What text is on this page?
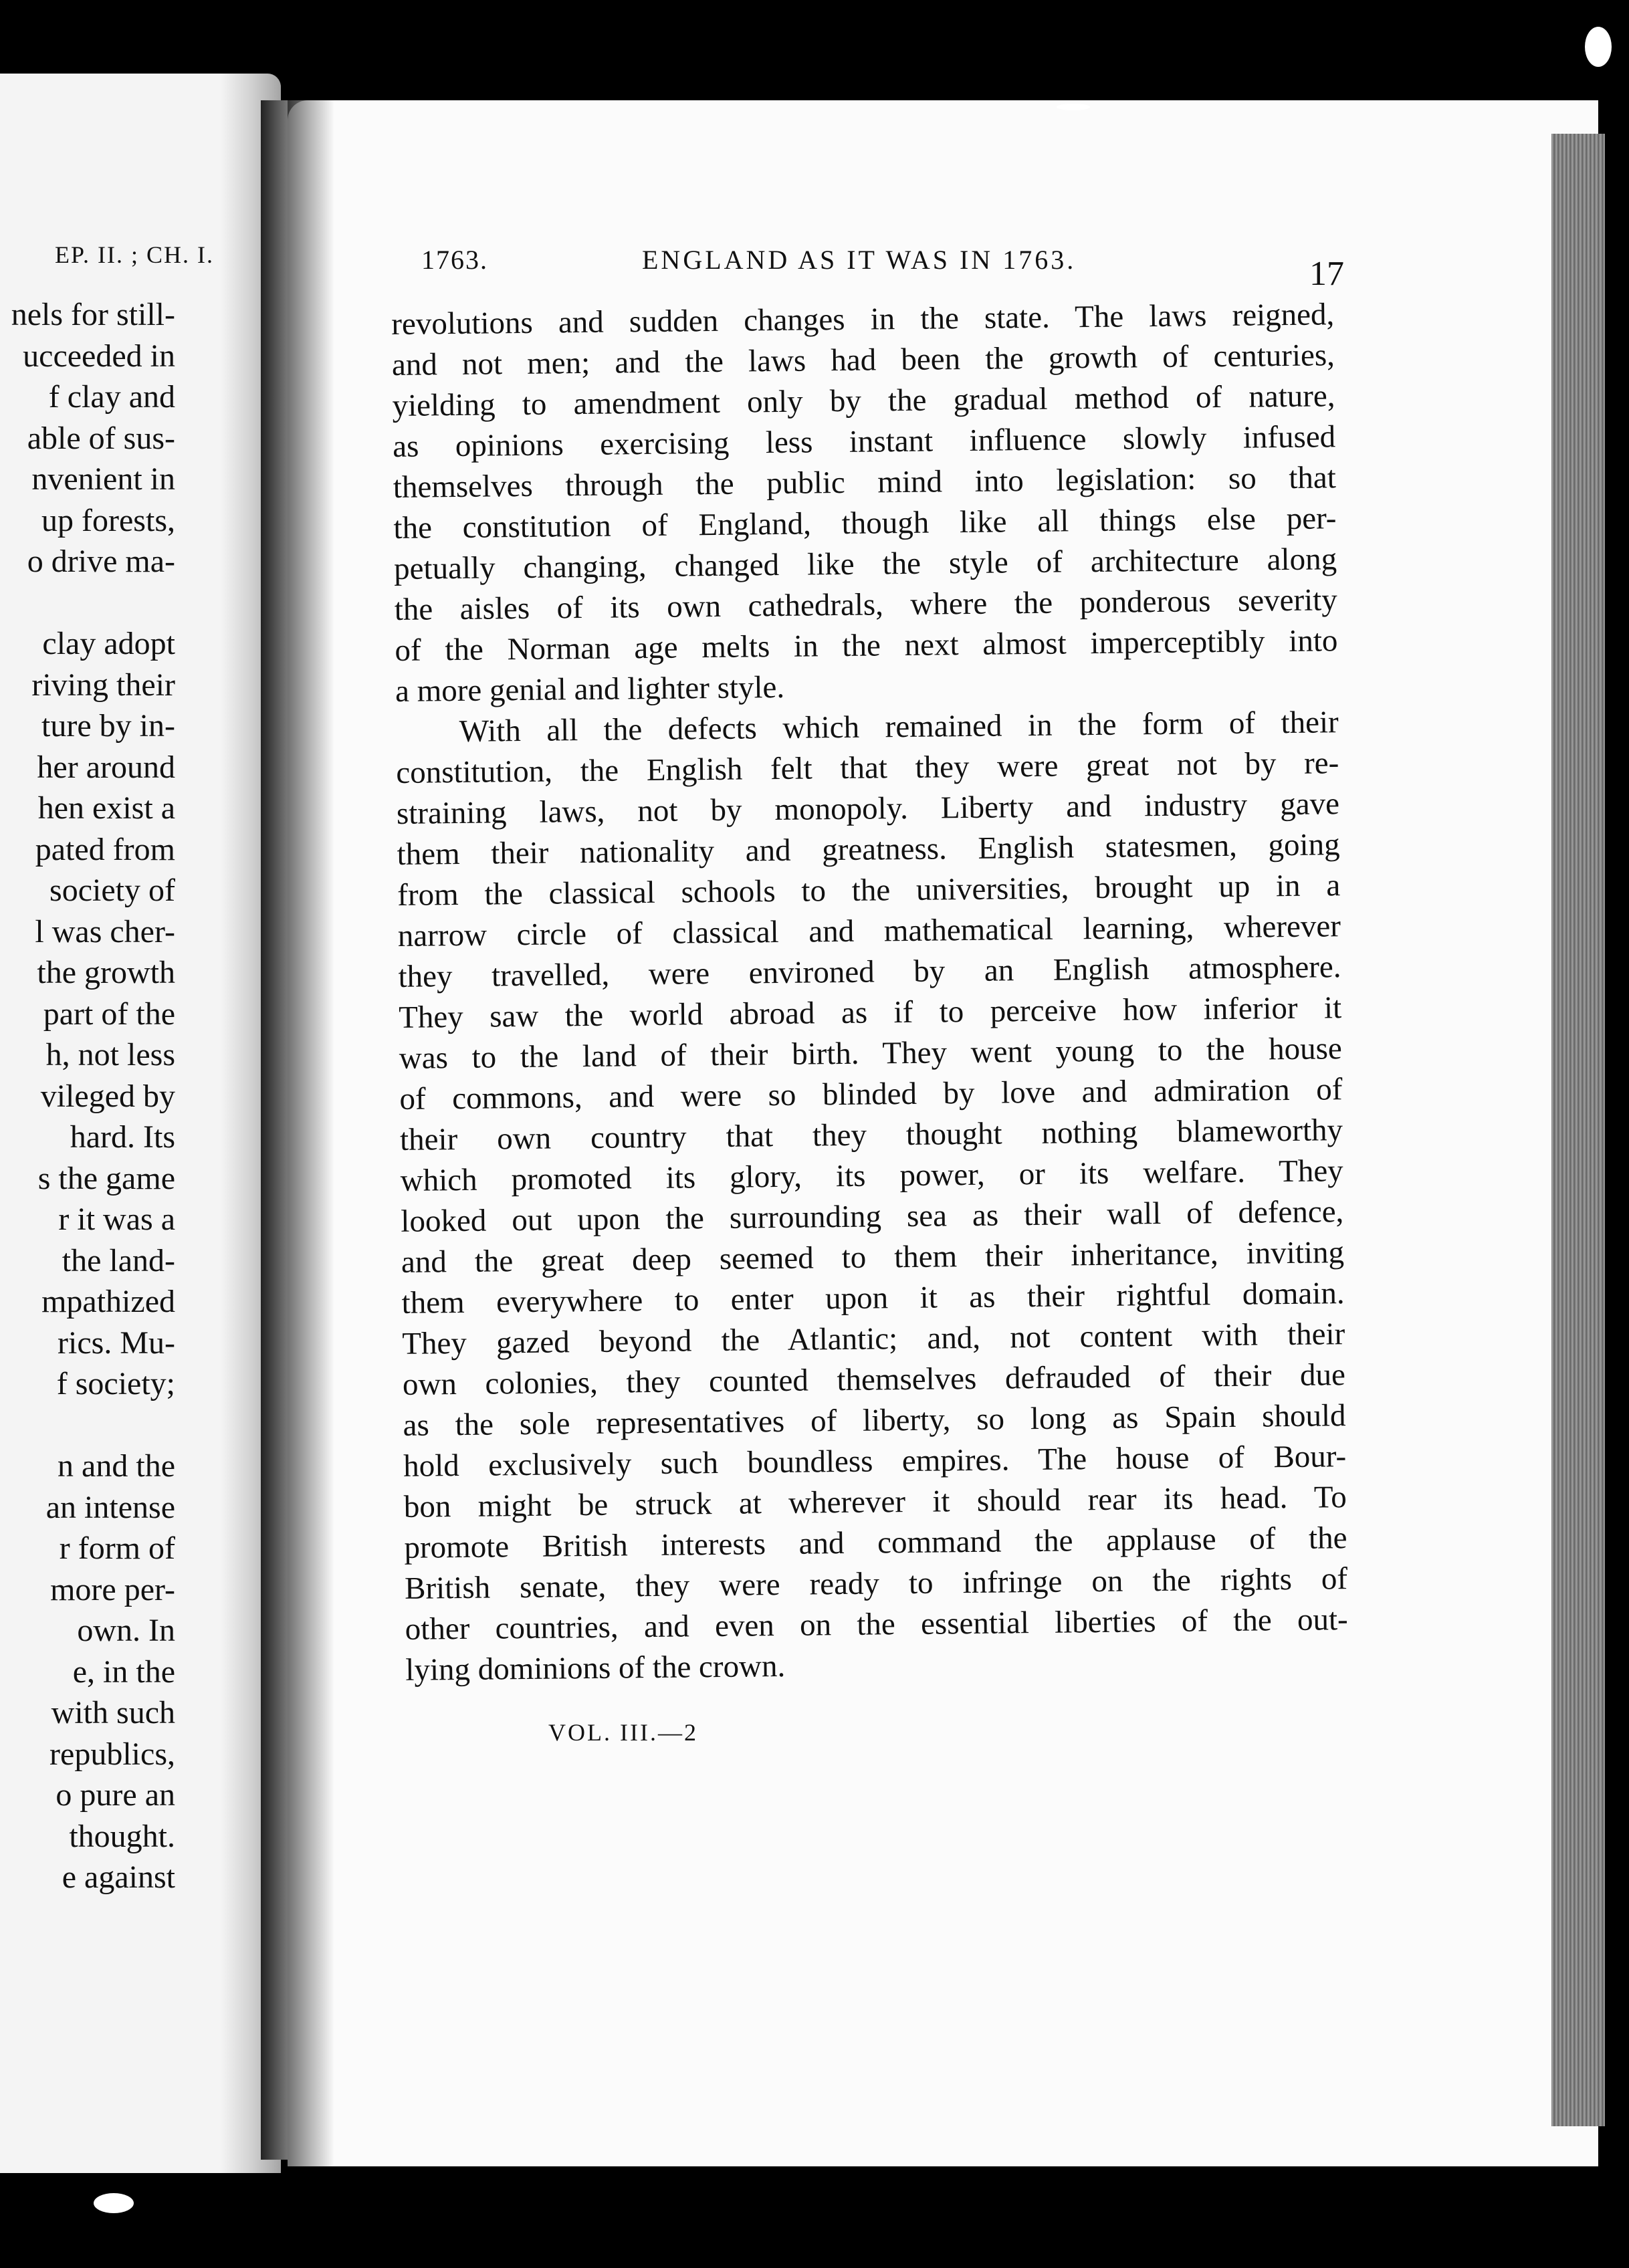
EP. II. ; CH. I.
nels for still-
ucceeded in
f clay and
able of sus-
nvenient in
up forests,
o drive ma-
clay adopt
riving their
ture by in-
her around
hen exist a
pated from
society of
l was cher-
the growth
part of the
h, not less
vileged by
hard. Its
s the game
r it was a
the land-
mpathized
rics. Mu-
f society;
n and the
an intense
r form of
more per-
own. In
e, in the
with such
republics,
o pure an
thought.
e against
1763.	ENGLAND AS IT WAS IN 1763.	17
revolutions and sudden changes in the state. The laws reigned,
and not men; and the laws had been the growth of centuries,
yielding to amendment only by the gradual method of nature,
as opinions exercising less instant influence slowly infused
themselves through the public mind into legislation: so that
the constitution of England, though like all things else per-
petually changing, changed like the style of architecture along
the aisles of its own cathedrals, where the ponderous severity
of the Norman age melts in the next almost imperceptibly into
a more genial and lighter style.
With all the defects which remained in the form of their
constitution, the English felt that they were great not by re-
straining laws, not by monopoly. Liberty and industry gave
them their nationality and greatness. English statesmen, going
from the classical schools to the universities, brought up in a
narrow circle of classical and mathematical learning, wherever
they travelled, were environed by an English atmosphere.
They saw the world abroad as if to perceive how inferior it
was to the land of their birth. They went young to the house
of commons, and were so blinded by love and admiration of
their own country that they thought nothing blameworthy
which promoted its glory, its power, or its welfare. They
looked out upon the surrounding sea as their wall of defence,
and the great deep seemed to them their inheritance, inviting
them everywhere to enter upon it as their rightful domain.
They gazed beyond the Atlantic; and, not content with their
own colonies, they counted themselves defrauded of their due
as the sole representatives of liberty, so long as Spain should
hold exclusively such boundless empires. The house of Bour-
bon might be struck at wherever it should rear its head. To
promote British interests and command the applause of the
British senate, they were ready to infringe on the rights of
other countries, and even on the essential liberties of the out-
lying dominions of the crown.
VOL. III.—2
